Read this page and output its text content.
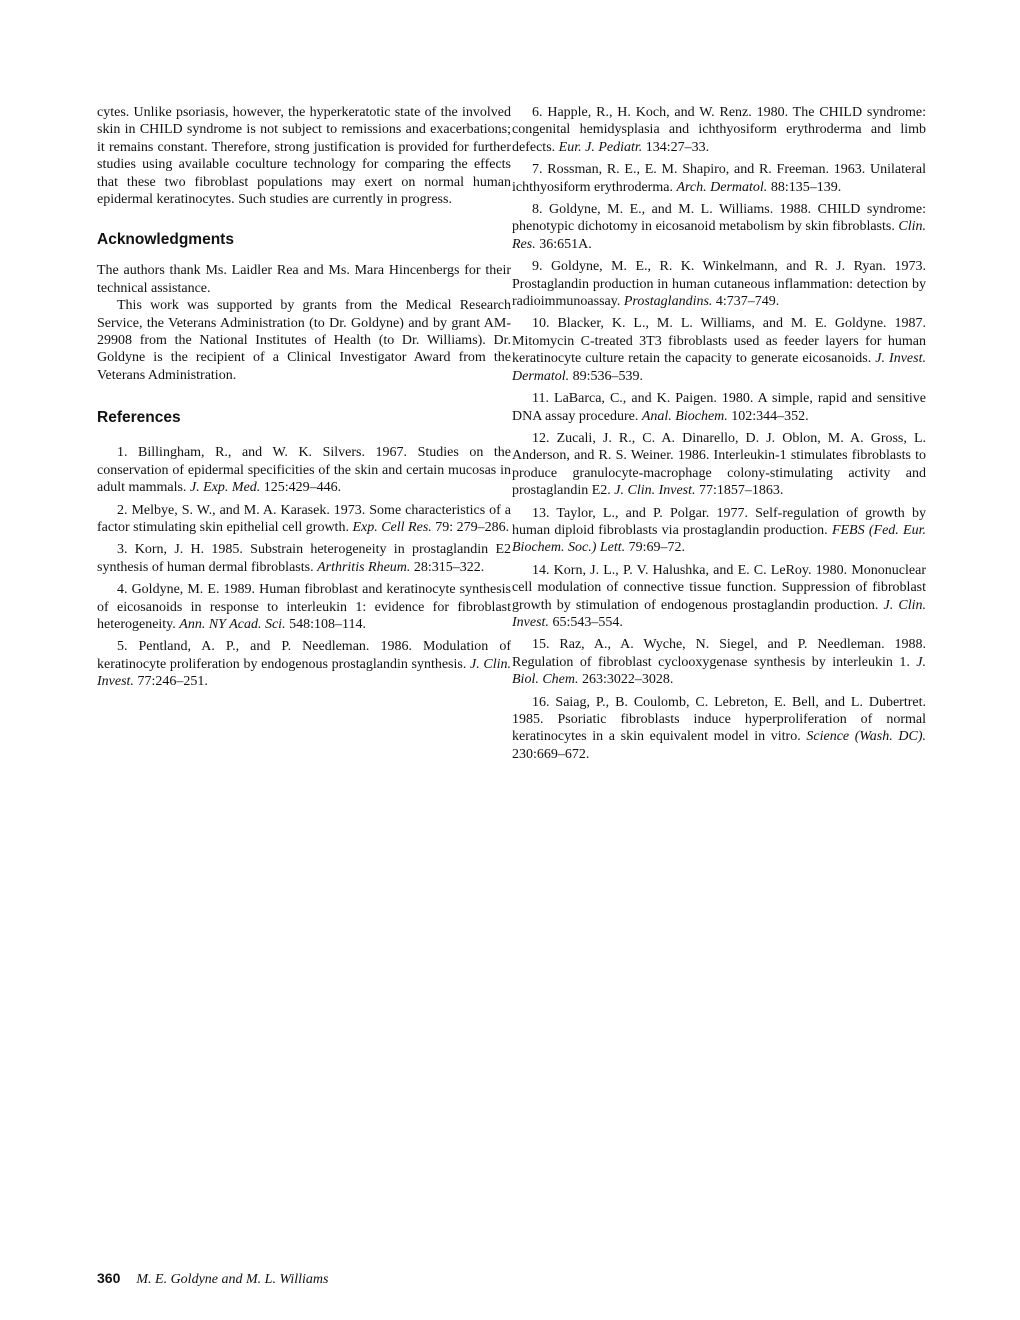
cytes. Unlike psoriasis, however, the hyperkeratotic state of the involved skin in CHILD syndrome is not subject to remissions and exacerbations; it remains constant. Therefore, strong justification is provided for further studies using available coculture technology for comparing the effects that these two fibroblast populations may exert on normal human epidermal keratinocytes. Such studies are currently in progress.

Acknowledgments

The authors thank Ms. Laidler Rea and Ms. Mara Hincenbergs for their technical assistance.

This work was supported by grants from the Medical Research Service, the Veterans Administration (to Dr. Goldyne) and by grant AM-29908 from the National Institutes of Health (to Dr. Williams). Dr. Goldyne is the recipient of a Clinical Investigator Award from the Veterans Administration.

References
1. Billingham, R., and W. K. Silvers. 1967. Studies on the conservation of epidermal specificities of the skin and certain mucosas in adult mammals. J. Exp. Med. 125:429–446.
2. Melbye, S. W., and M. A. Karasek. 1973. Some characteristics of a factor stimulating skin epithelial cell growth. Exp. Cell Res. 79: 279–286.
3. Korn, J. H. 1985. Substrain heterogeneity in prostaglandin E2 synthesis of human dermal fibroblasts. Arthritis Rheum. 28:315–322.
4. Goldyne, M. E. 1989. Human fibroblast and keratinocyte synthesis of eicosanoids in response to interleukin 1: evidence for fibroblast heterogeneity. Ann. NY Acad. Sci. 548:108–114.
5. Pentland, A. P., and P. Needleman. 1986. Modulation of keratinocyte proliferation by endogenous prostaglandin synthesis. J. Clin. Invest. 77:246–251.
6. Happle, R., H. Koch, and W. Renz. 1980. The CHILD syndrome: congenital hemidysplasia and ichthyosiform erythroderma and limb defects. Eur. J. Pediatr. 134:27–33.
7. Rossman, R. E., E. M. Shapiro, and R. Freeman. 1963. Unilateral ichthyosiform erythroderma. Arch. Dermatol. 88:135–139.
8. Goldyne, M. E., and M. L. Williams. 1988. CHILD syndrome: phenotypic dichotomy in eicosanoid metabolism by skin fibroblasts. Clin. Res. 36:651A.
9. Goldyne, M. E., R. K. Winkelmann, and R. J. Ryan. 1973. Prostaglandin production in human cutaneous inflammation: detection by radioimmunoassay. Prostaglandins. 4:737–749.
10. Blacker, K. L., M. L. Williams, and M. E. Goldyne. 1987. Mitomycin C-treated 3T3 fibroblasts used as feeder layers for human keratinocyte culture retain the capacity to generate eicosanoids. J. Invest. Dermatol. 89:536–539.
11. LaBarca, C., and K. Paigen. 1980. A simple, rapid and sensitive DNA assay procedure. Anal. Biochem. 102:344–352.
12. Zucali, J. R., C. A. Dinarello, D. J. Oblon, M. A. Gross, L. Anderson, and R. S. Weiner. 1986. Interleukin-1 stimulates fibroblasts to produce granulocyte-macrophage colony-stimulating activity and prostaglandin E2. J. Clin. Invest. 77:1857–1863.
13. Taylor, L., and P. Polgar. 1977. Self-regulation of growth by human diploid fibroblasts via prostaglandin production. FEBS (Fed. Eur. Biochem. Soc.) Lett. 79:69–72.
14. Korn, J. L., P. V. Halushka, and E. C. LeRoy. 1980. Mononuclear cell modulation of connective tissue function. Suppression of fibroblast growth by stimulation of endogenous prostaglandin production. J. Clin. Invest. 65:543–554.
15. Raz, A., A. Wyche, N. Siegel, and P. Needleman. 1988. Regulation of fibroblast cyclooxygenase synthesis by interleukin 1. J. Biol. Chem. 263:3022–3028.
16. Saiag, P., B. Coulomb, C. Lebreton, E. Bell, and L. Dubertret. 1985. Psoriatic fibroblasts induce hyperproliferation of normal keratinocytes in a skin equivalent model in vitro. Science (Wash. DC). 230:669–672.
360 M. E. Goldyne and M. L. Williams
